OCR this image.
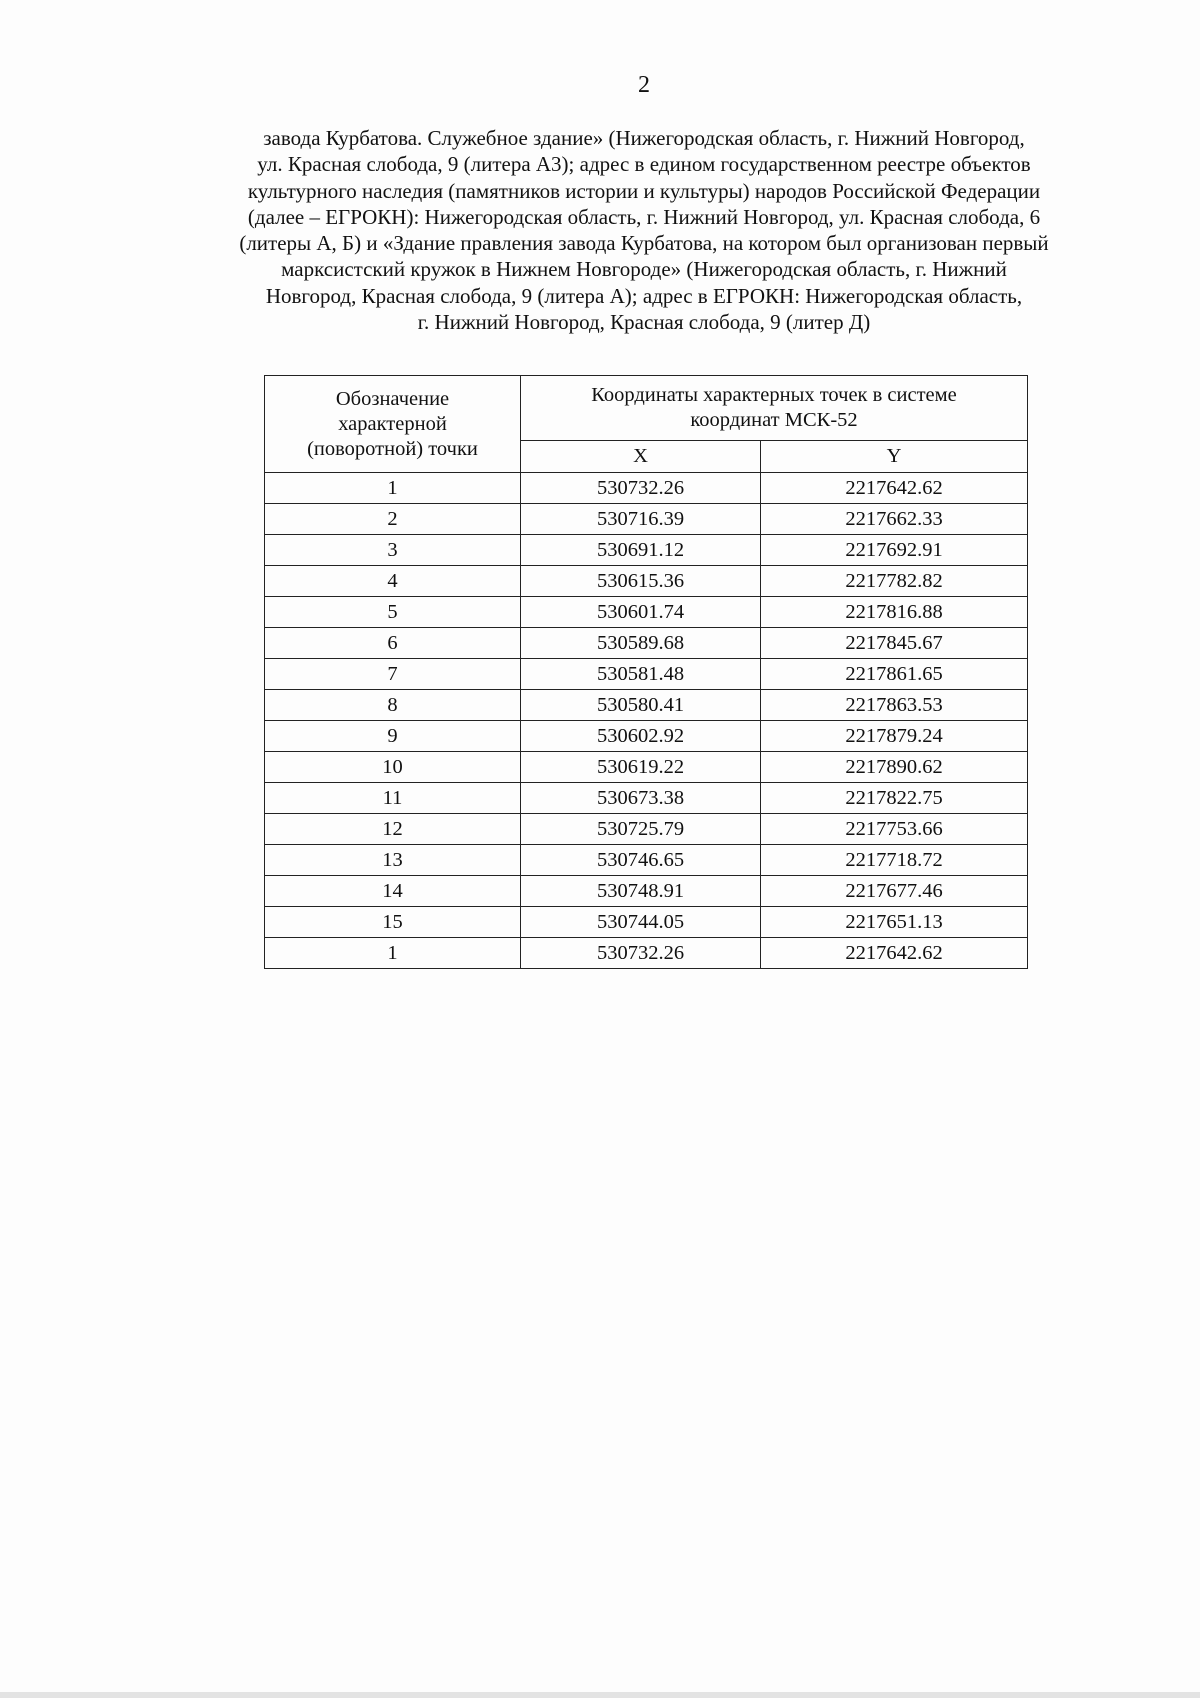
2
завода Курбатова. Служебное здание» (Нижегородская область, г. Нижний Новгород,
ул. Красная слобода, 9 (литера А3); адрес в едином государственном реестре объектов
культурного наследия (памятников истории и культуры) народов Российской Федерации
(далее – ЕГРОКН): Нижегородская область, г. Нижний Новгород, ул. Красная слобода, 6
(литеры А, Б) и «Здание правления завода Курбатова, на котором был организован первый
марксистский кружок в Нижнем Новгороде» (Нижегородская область, г. Нижний
Новгород, Красная слобода, 9 (литера А); адрес в ЕГРОКН: Нижегородская область,
г. Нижний Новгород, Красная слобода, 9 (литер Д)
Обозначение
характерной
(поворотной) точки	Координаты характерных точек в системе
координат МСК-52	
	X	Y
1	530732.26	2217642.62
2	530716.39	2217662.33
3	530691.12	2217692.91
4	530615.36	2217782.82
5	530601.74	2217816.88
6	530589.68	2217845.67
7	530581.48	2217861.65
8	530580.41	2217863.53
9	530602.92	2217879.24
10	530619.22	2217890.62
11	530673.38	2217822.75
12	530725.79	2217753.66
13	530746.65	2217718.72
14	530748.91	2217677.46
15	530744.05	2217651.13
1	530732.26	2217642.62
